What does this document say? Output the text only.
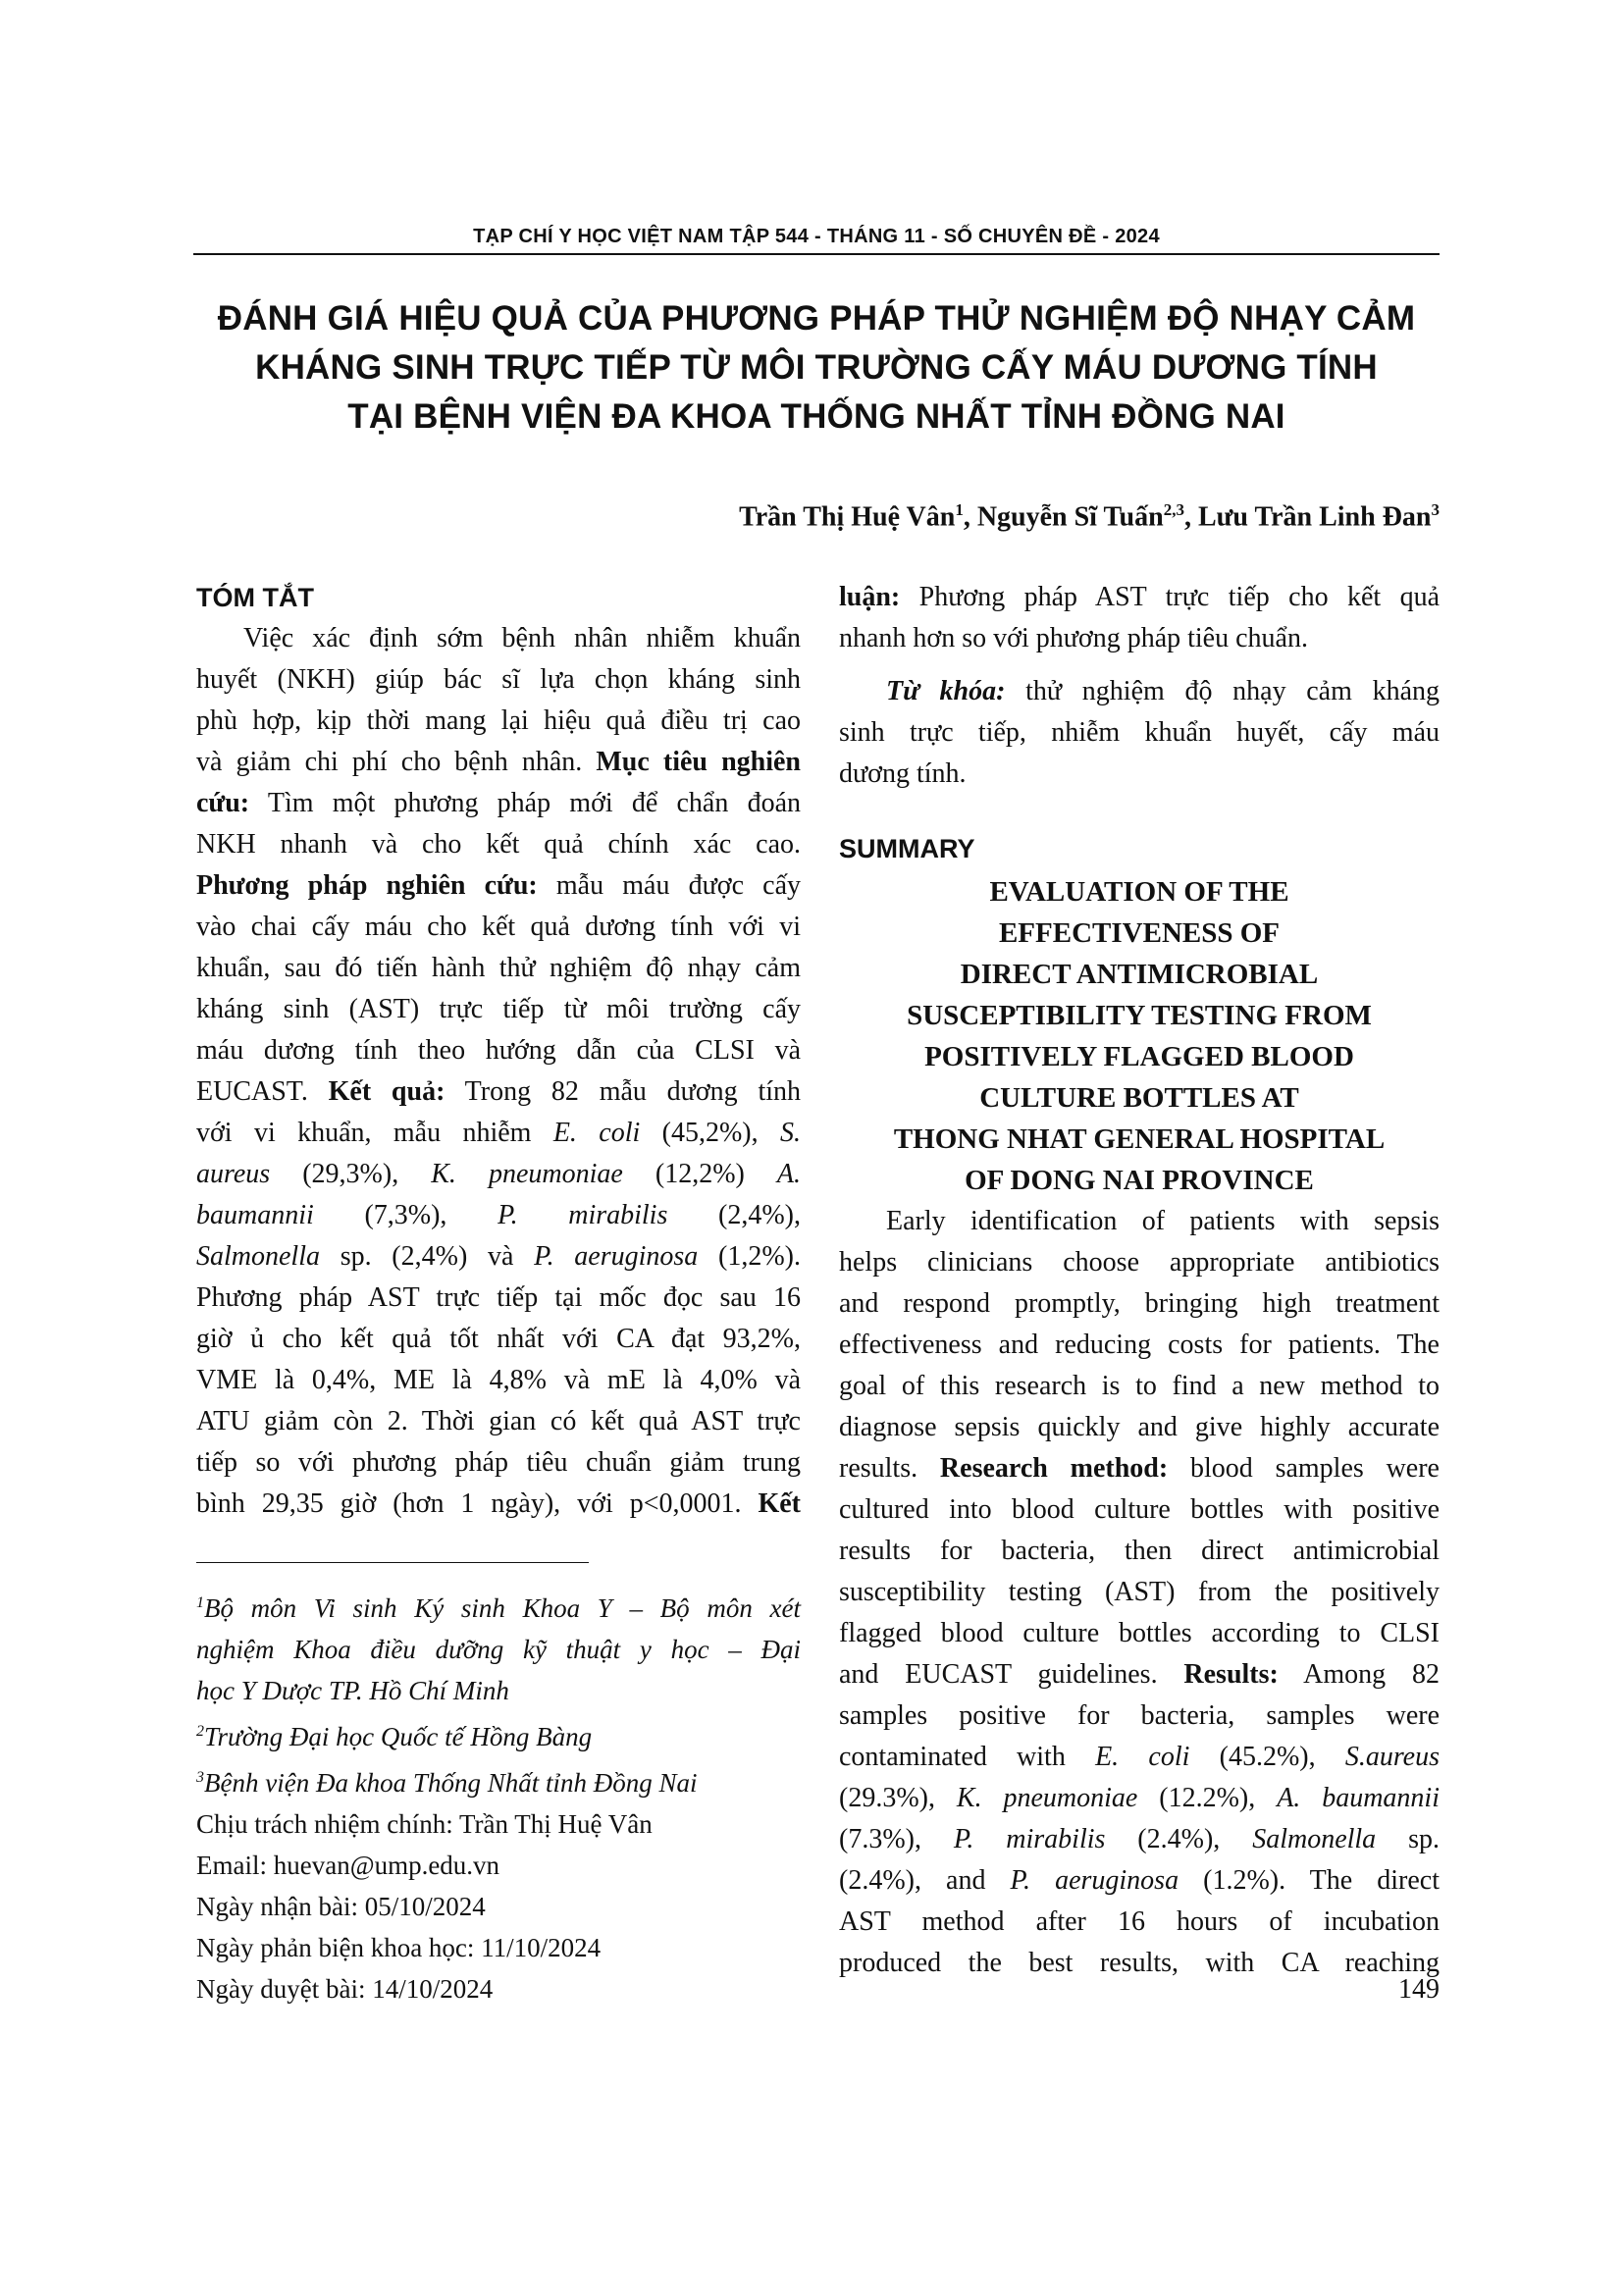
TẠP CHÍ Y HỌC VIỆT NAM TẬP 544 - THÁNG 11 - SỐ CHUYÊN ĐỀ - 2024
ĐÁNH GIÁ HIỆU QUẢ CỦA PHƯƠNG PHÁP THỬ NGHIỆM ĐỘ NHẠY CẢM
KHÁNG SINH TRỰC TIẾP TỪ MÔI TRƯỜNG CẤY MÁU DƯƠNG TÍNH
TẠI BỆNH VIỆN ĐA KHOA THỐNG NHẤT TỈNH ĐỒNG NAI
Trần Thị Huệ Vân$^1$, Nguyễn Sĩ Tuấn$^{2,3}$, Lưu Trần Linh Đan$^3$
TÓM TẮT
Việc xác định sớm bệnh nhân nhiễm khuẩn
huyết (NKH) giúp bác sĩ lựa chọn kháng sinh
phù hợp, kịp thời mang lại hiệu quả điều trị cao
và giảm chi phí cho bệnh nhân. Mục tiêu nghiên
cứu: Tìm một phương pháp mới để chẩn đoán
NKH nhanh và cho kết quả chính xác cao.
Phương pháp nghiên cứu: mẫu máu được cấy
vào chai cấy máu cho kết quả dương tính với vi
khuẩn, sau đó tiến hành thử nghiệm độ nhạy cảm
kháng sinh (AST) trực tiếp từ môi trường cấy
máu dương tính theo hướng dẫn của CLSI và
EUCAST. Kết quả: Trong 82 mẫu dương tính
với vi khuẩn, mẫu nhiễm E. coli (45,2%), S.
aureus (29,3%), K. pneumoniae (12,2%) A.
baumannii (7,3%), P. mirabilis (2,4%),
Salmonella sp. (2,4%) và P. aeruginosa (1,2%).
Phương pháp AST trực tiếp tại mốc đọc sau 16
giờ ủ cho kết quả tốt nhất với CA đạt 93,2%,
VME là 0,4%, ME là 4,8% và mE là 4,0% và
ATU giảm còn 2. Thời gian có kết quả AST trực
tiếp so với phương pháp tiêu chuẩn giảm trung
bình 29,35 giờ (hơn 1 ngày), với p<0,0001. Kết
$^1$Bộ môn Vi sinh Ký sinh Khoa Y – Bộ môn xét
nghiệm Khoa điều dưỡng kỹ thuật y học – Đại
học Y Dược TP. Hồ Chí Minh
$^2$Trường Đại học Quốc tế Hồng Bàng
$^3$Bệnh viện Đa khoa Thống Nhất tỉnh Đồng Nai
Chịu trách nhiệm chính: Trần Thị Huệ Vân
Email: huevan@ump.edu.vn
Ngày nhận bài: 05/10/2024
Ngày phản biện khoa học: 11/10/2024
Ngày duyệt bài: 14/10/2024
luận: Phương pháp AST trực tiếp cho kết quả
nhanh hơn so với phương pháp tiêu chuẩn.
Từ khóa: thử nghiệm độ nhạy cảm kháng
sinh trực tiếp, nhiễm khuẩn huyết, cấy máu
dương tính.
SUMMARY
EVALUATION OF THE
EFFECTIVENESS OF
DIRECT ANTIMICROBIAL
SUSCEPTIBILITY TESTING FROM
POSITIVELY FLAGGED BLOOD
CULTURE BOTTLES AT
THONG NHAT GENERAL HOSPITAL
OF DONG NAI PROVINCE
Early identification of patients with sepsis
helps clinicians choose appropriate antibiotics
and respond promptly, bringing high treatment
effectiveness and reducing costs for patients. The
goal of this research is to find a new method to
diagnose sepsis quickly and give highly accurate
results. Research method: blood samples were
cultured into blood culture bottles with positive
results for bacteria, then direct antimicrobial
susceptibility testing (AST) from the positively
flagged blood culture bottles according to CLSI
and EUCAST guidelines. Results: Among 82
samples positive for bacteria, samples were
contaminated with E. coli (45.2%), S.aureus
(29.3%), K. pneumoniae (12.2%), A. baumannii
(7.3%), P. mirabilis (2.4%), Salmonella sp.
(2.4%), and P. aeruginosa (1.2%). The direct
AST method after 16 hours of incubation
produced the best results, with CA reaching
149
